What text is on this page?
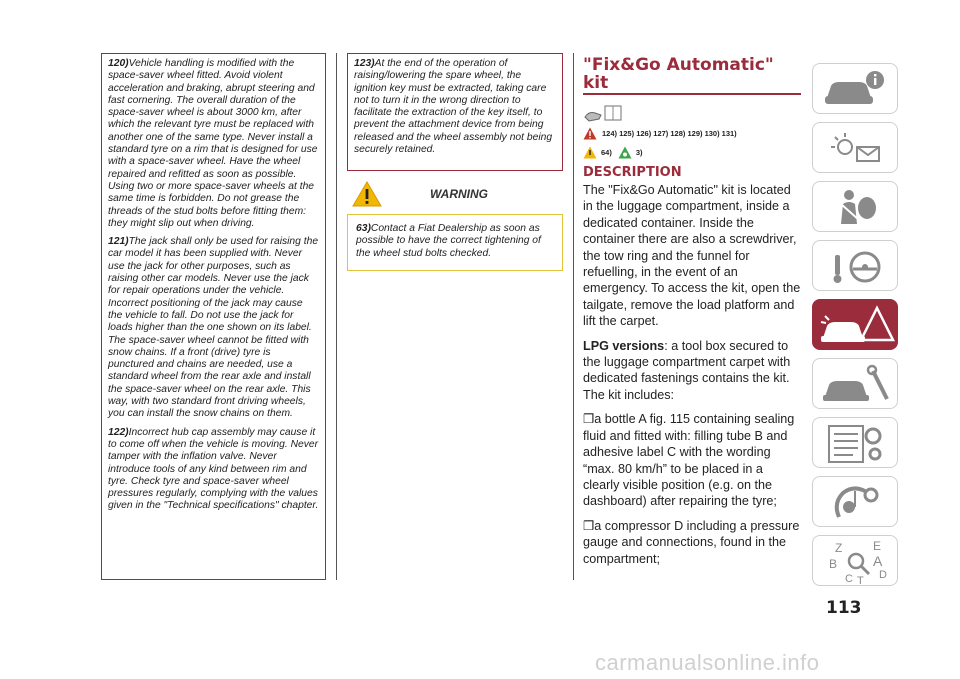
120)Vehicle handling is modified with the space-saver wheel fitted. Avoid violent acceleration and braking, abrupt steering and fast cornering. The overall duration of the space-saver wheel is about 3000 km, after which the relevant tyre must be replaced with another one of the same type. Never install a standard tyre on a rim that is designed for use with a space-saver wheel. Have the wheel repaired and refitted as soon as possible. Using two or more space-saver wheels at the same time is forbidden. Do not grease the threads of the stud bolts before fitting them: they might slip out when driving.

121)The jack shall only be used for raising the car model it has been supplied with. Never use the jack for other purposes, such as raising other car models. Never use the jack for repair operations under the vehicle. Incorrect positioning of the jack may cause the vehicle to fall. Do not use the jack for loads higher than the one shown on its label. The space-saver wheel cannot be fitted with snow chains. If a front (drive) tyre is punctured and chains are needed, use a standard wheel from the rear axle and install the space-saver wheel on the rear axle. This way, with two standard front driving wheels, you can install the snow chains on them.

122)Incorrect hub cap assembly may cause it to come off when the vehicle is moving. Never tamper with the inflation valve. Never introduce tools of any kind between rim and tyre. Check tyre and space-saver wheel pressures regularly, complying with the values given in the "Technical specifications" chapter.

123)At the end of the operation of raising/lowering the spare wheel, the ignition key must be extracted, taking care not to turn it in the wrong direction to facilitate the extraction of the key itself, to prevent the attachment device from being released and the wheel assembly not being securely retained.

WARNING

63)Contact a Fiat Dealership as soon as possible to have the correct tightening of the wheel stud bolts checked.

"Fix&Go Automatic"
kit

124) 125) 126) 127) 128) 129) 130) 131)
64)	3)

DESCRIPTION

The "Fix&Go Automatic" kit is located in the luggage compartment, inside a dedicated container. Inside the container there are also a screwdriver, the tow ring and the funnel for refuelling, in the event of an emergency. To access the kit, open the tailgate, remove the load platform and lift the carpet.

LPG versions: a tool box secured to the luggage compartment carpet with dedicated fastenings contains the kit. The kit includes:

❒a bottle A fig. 115 containing sealing fluid and fitted with: filling tube B and adhesive label C with the wording “max. 80 km/h” to be placed in a clearly visible position (e.g. on the dashboard) after repairing the tyre;

❒a compressor D including a pressure gauge and connections, found in the compartment;

Z	E
B	A
C D
T
113
carmanualsonline.info
